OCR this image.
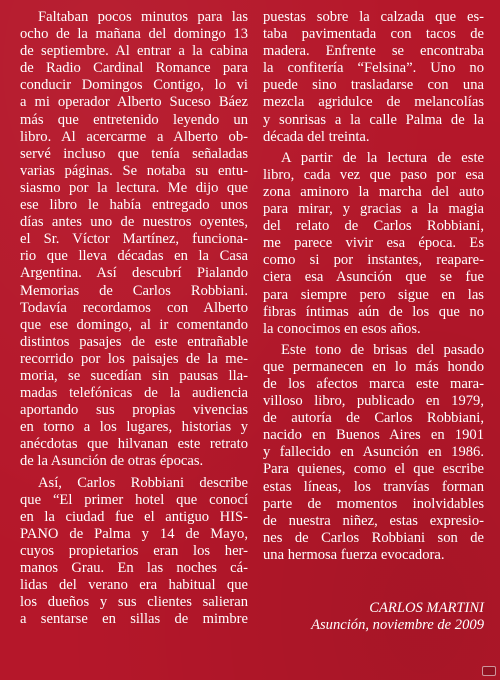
Faltaban pocos minutos para las
ocho de la mañana del domingo 13
de septiembre. Al entrar a la cabina
de Radio Cardinal Romance para
conducir Domingos Contigo, lo vi
a mi operador Alberto Suceso Báez
más que entretenido leyendo un
libro. Al acercarme a Alberto ob-
servé incluso que tenía señaladas
varias páginas. Se notaba su entu-
siasmo por la lectura. Me dijo que
ese libro le había entregado unos
días antes uno de nuestros oyentes,
el Sr. Víctor Martínez, funciona-
rio que lleva décadas en la Casa
Argentina. Así descubrí Pialando
Memorias de Carlos Robbiani.
Todavía recordamos con Alberto
que ese domingo, al ir comentando
distintos pasajes de este entrañable
recorrido por los paisajes de la me-
moria, se sucedían sin pausas lla-
madas telefónicas de la audiencia
aportando sus propias vivencias
en torno a los lugares, historias y
anécdotas que hilvanan este retrato
de la Asunción de otras épocas.

Así, Carlos Robbiani describe
que “El primer hotel que conocí
en la ciudad fue el antiguo HIS-
PANO de Palma y 14 de Mayo,
cuyos propietarios eran los her-
manos Grau. En las noches cá-
lidas del verano era habitual que
los dueños y sus clientes salieran
a sentarse en sillas de mimbre

puestas sobre la calzada que es-
taba pavimentada con tacos de
madera. Enfrente se encontraba
la confitería “Felsina”. Uno no
puede sino trasladarse con una
mezcla agridulce de melancolías
y sonrisas a la calle Palma de la
década del treinta.

A partir de la lectura de este
libro, cada vez que paso por esa
zona aminoro la marcha del auto
para mirar, y gracias a la magia
del relato de Carlos Robbiani,
me parece vivir esa época. Es
como si por instantes, reapare-
ciera esa Asunción que se fue
para siempre pero sigue en las
fibras íntimas aún de los que no
la conocimos en esos años.

Este tono de brisas del pasado
que permanecen en lo más hondo
de los afectos marca este mara-
villoso libro, publicado en 1979,
de autoría de Carlos Robbiani,
nacido en Buenos Aires en 1901
y fallecido en Asunción en 1986.
Para quienes, como el que escribe
estas líneas, los tranvías forman
parte de momentos inolvidables
de nuestra niñez, estas expresio-
nes de Carlos Robbiani son de
una hermosa fuerza evocadora.

CARLOS MARTINI
Asunción, noviembre de 2009
